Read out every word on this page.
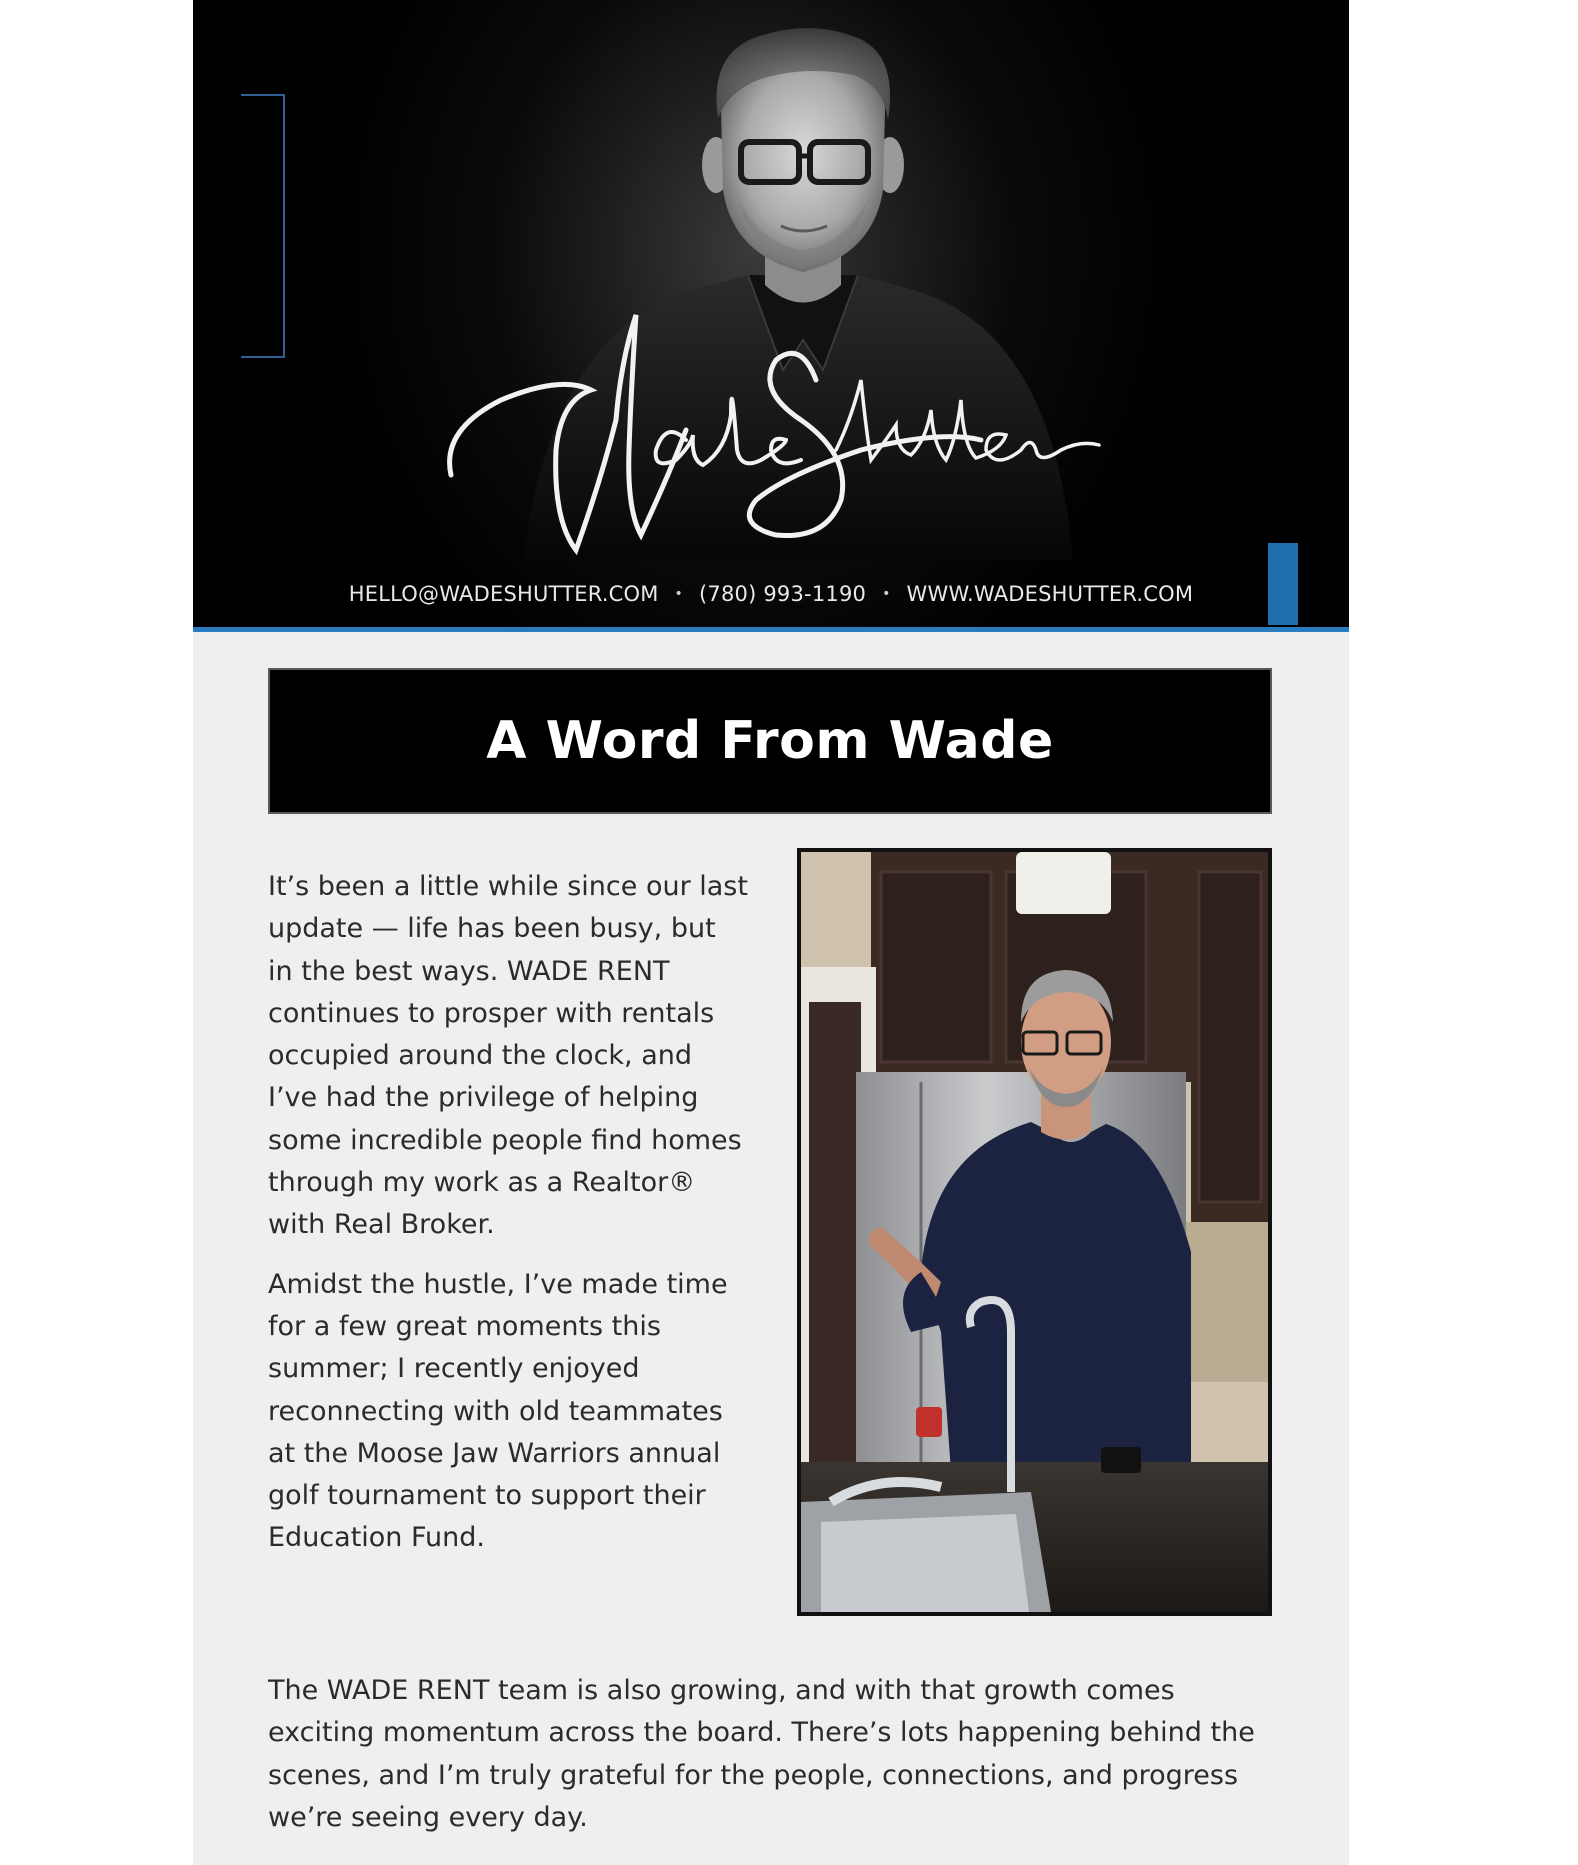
HELLO@WADESHUTTER.COM • (780) 993-1190 • WWW.WADESHUTTER.COM
A Word From Wade

It’s been a little while since our last update — life has been busy, but in the best ways. WADE RENT continues to prosper with rentals occupied around the clock, and I’ve had the privilege of helping some incredible people find homes through my work as a Realtor® with Real Broker.

Amidst the hustle, I’ve made time for a few great moments this summer; I recently enjoyed reconnecting with old teammates at the Moose Jaw Warriors annual golf tournament to support their Education Fund.

The WADE RENT team is also growing, and with that growth comes exciting momentum across the board. There’s lots happening behind the scenes, and I’m truly grateful for the people, connections, and progress we’re seeing every day.
